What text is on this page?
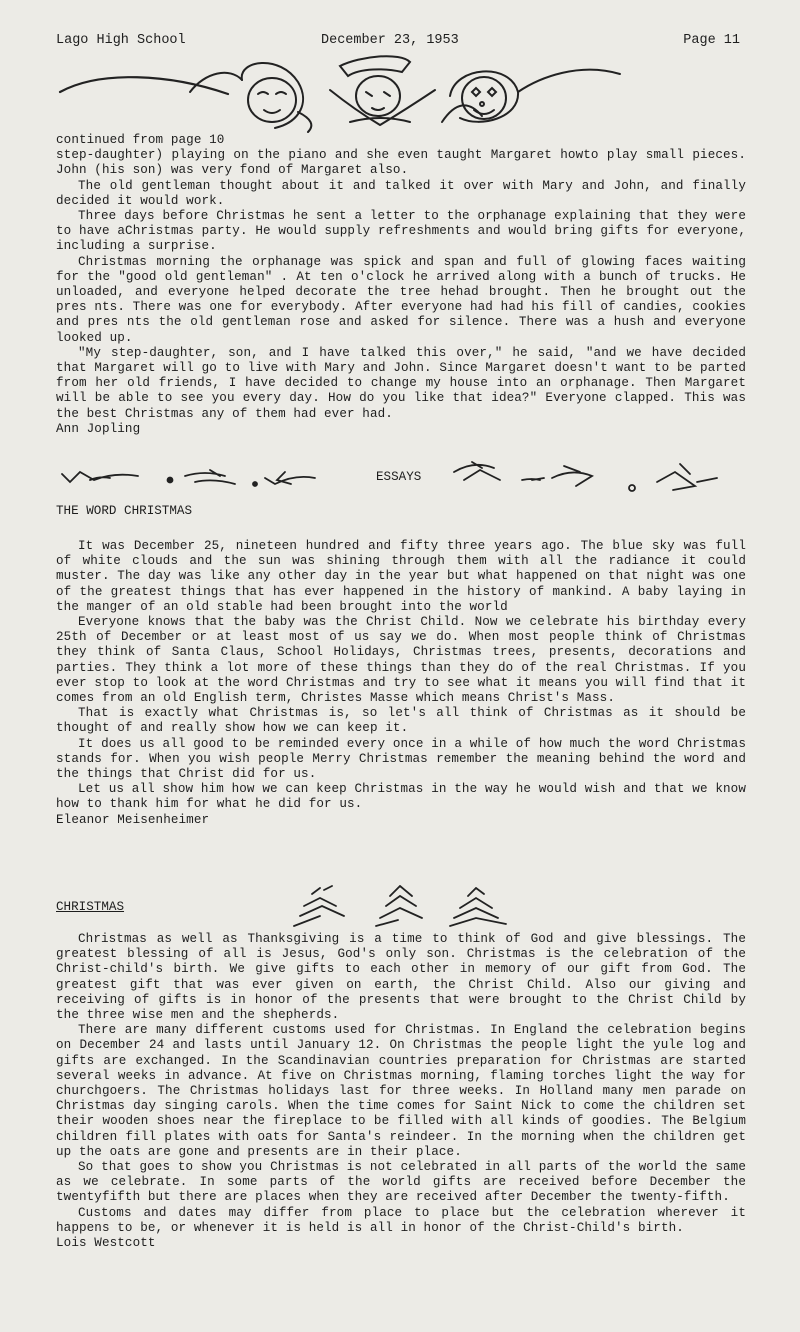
Lago High School	December 23, 1953	Page 11

continued from page 10

step-daughter) playing on the piano and she even taught Margaret howto play small pieces. John (his son) was very fond of Margaret also.

The old gentleman thought about it and talked it over with Mary and John, and finally decided it would work.

Three days before Christmas he sent a letter to the orphanage explaining that they were to have aChristmas party. He would supply refreshments and would bring gifts for everyone, including a surprise.

Christmas morning the orphanage was spick and span and full of glowing faces waiting for the "good old gentleman" . At ten o'clock he arrived along with a bunch of trucks. He unloaded, and everyone helped decorate the tree hehad brought. Then he brought out the pres nts. There was one for everybody. After everyone had had his fill of candies, cookies and pres nts the old gentleman rose and asked for silence. There was a hush and everyone looked up.

"My step-daughter, son, and I have talked this over," he said, "and we have decided that Margaret will go to live with Mary and John. Since Margaret doesn't want to be parted from her old friends, I have decided to change my house into an orphanage. Then Margaret will be able to see you every day. How do you like that idea?" Everyone clapped. This was the best Christmas any of them had ever had.

Ann Jopling

ESSAYS
THE WORD CHRISTMAS

It was December 25, nineteen hundred and fifty three years ago. The blue sky was full of white clouds and the sun was shining through them with all the radiance it could muster. The day was like any other day in the year but what happened on that night was one of the greatest things that has ever happened in the history of mankind. A baby laying in the manger of an old stable had been brought into the world

Everyone knows that the baby was the Christ Child. Now we celebrate his birthday every 25th of December or at least most of us say we do. When most people think of Christmas they think of Santa Claus, School Holidays, Christmas trees, presents, decorations and parties. They think a lot more of these things than they do of the real Christmas. If you ever stop to look at the word Christmas and try to see what it means you will find that it comes from an old English term, Christes Masse which means Christ's Mass.

That is exactly what Christmas is, so let's all think of Christmas as it should be thought of and really show how we can keep it.

It does us all good to be reminded every once in a while of how much the word Christmas stands for. When you wish people Merry Christmas remember the meaning behind the word and the things that Christ did for us.

Let us all show him how we can keep Christmas in the way he would wish and that we know how to thank him for what he did for us.

Eleanor Meisenheimer

CHRISTMAS

Christmas as well as Thanksgiving is a time to think of God and give blessings. The greatest blessing of all is Jesus, God's only son. Christmas is the celebration of the Christ-child's birth. We give gifts to each other in memory of our gift from God. The greatest gift that was ever given on earth, the Christ Child. Also our giving and receiving of gifts is in honor of the presents that were brought to the Christ Child by the three wise men and the shepherds.

There are many different customs used for Christmas. In England the celebration begins on December 24 and lasts until January 12. On Christmas the people light the yule log and gifts are exchanged. In the Scandinavian countries preparation for Christmas are started several weeks in advance. At five on Christmas morning, flaming torches light the way for churchgoers. The Christmas holidays last for three weeks. In Holland many men parade on Christmas day singing carols. When the time comes for Saint Nick to come the children set their wooden shoes near the fireplace to be filled with all kinds of goodies. The Belgium children fill plates with oats for Santa's reindeer. In the morning when the children get up the oats are gone and presents are in their place.

So that goes to show you Christmas is not celebrated in all parts of the world the same as we celebrate. In some parts of the world gifts are received before December the twentyfifth but there are places when they are received after December the twenty-fifth.

Customs and dates may differ from place to place but the celebration wherever it happens to be, or whenever it is held is all in honor of the Christ-Child's birth.

Lois Westcott
